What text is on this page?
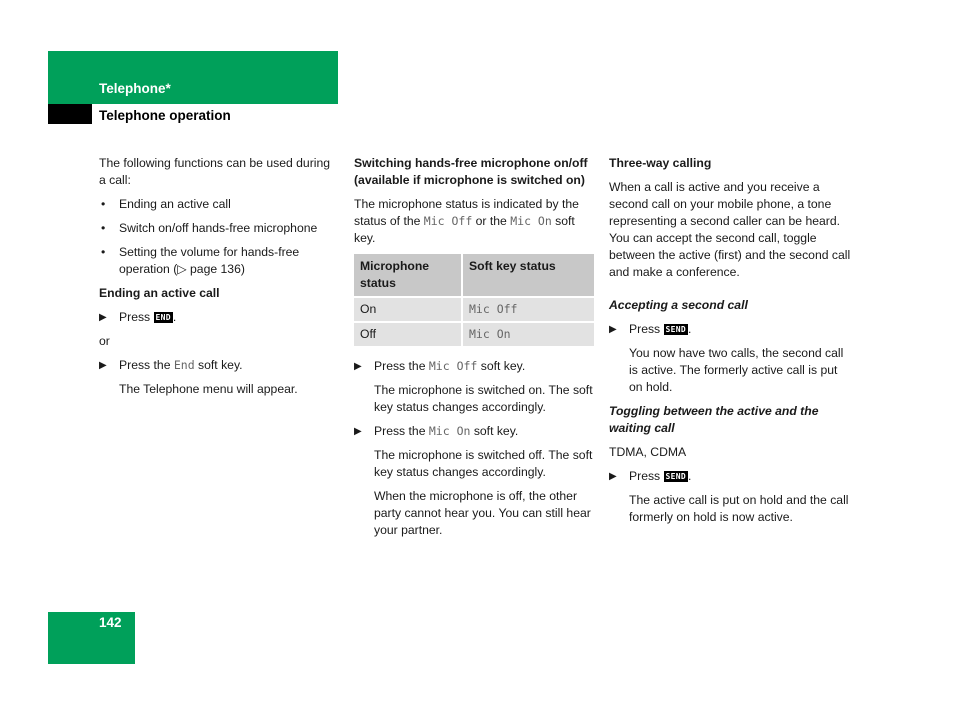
Telephone*
Telephone operation

The following functions can be used during a call:

• Ending an active call
• Switch on/off hands-free microphone
• Setting the volume for hands-free operation (▷ page 136)

Ending an active call

▶ Press END .

or

▶ Press the End soft key.

The Telephone menu will appear.

Switching hands-free microphone on/off (available if microphone is switched on)

The microphone status is indicated by the status of the Mic Off or the Mic On soft key.

Microphone status	Soft key status
On	Mic Off
Off	Mic On
▶ Press the Mic Off soft key.

The microphone is switched on. The soft key status changes accordingly.

▶ Press the Mic On soft key.

The microphone is switched off. The soft key status changes accordingly.

When the microphone is off, the other party cannot hear you. You can still hear your partner.

Three-way calling

When a call is active and you receive a second call on your mobile phone, a tone representing a second caller can be heard. You can accept the second call, toggle between the active (first) and the second call and make a conference.

Accepting a second call

▶ Press SEND .

You now have two calls, the second call is active. The formerly active call is put on hold.

Toggling between the active and the waiting call

TDMA, CDMA

▶ Press SEND .

The active call is put on hold and the call formerly on hold is now active.

142
